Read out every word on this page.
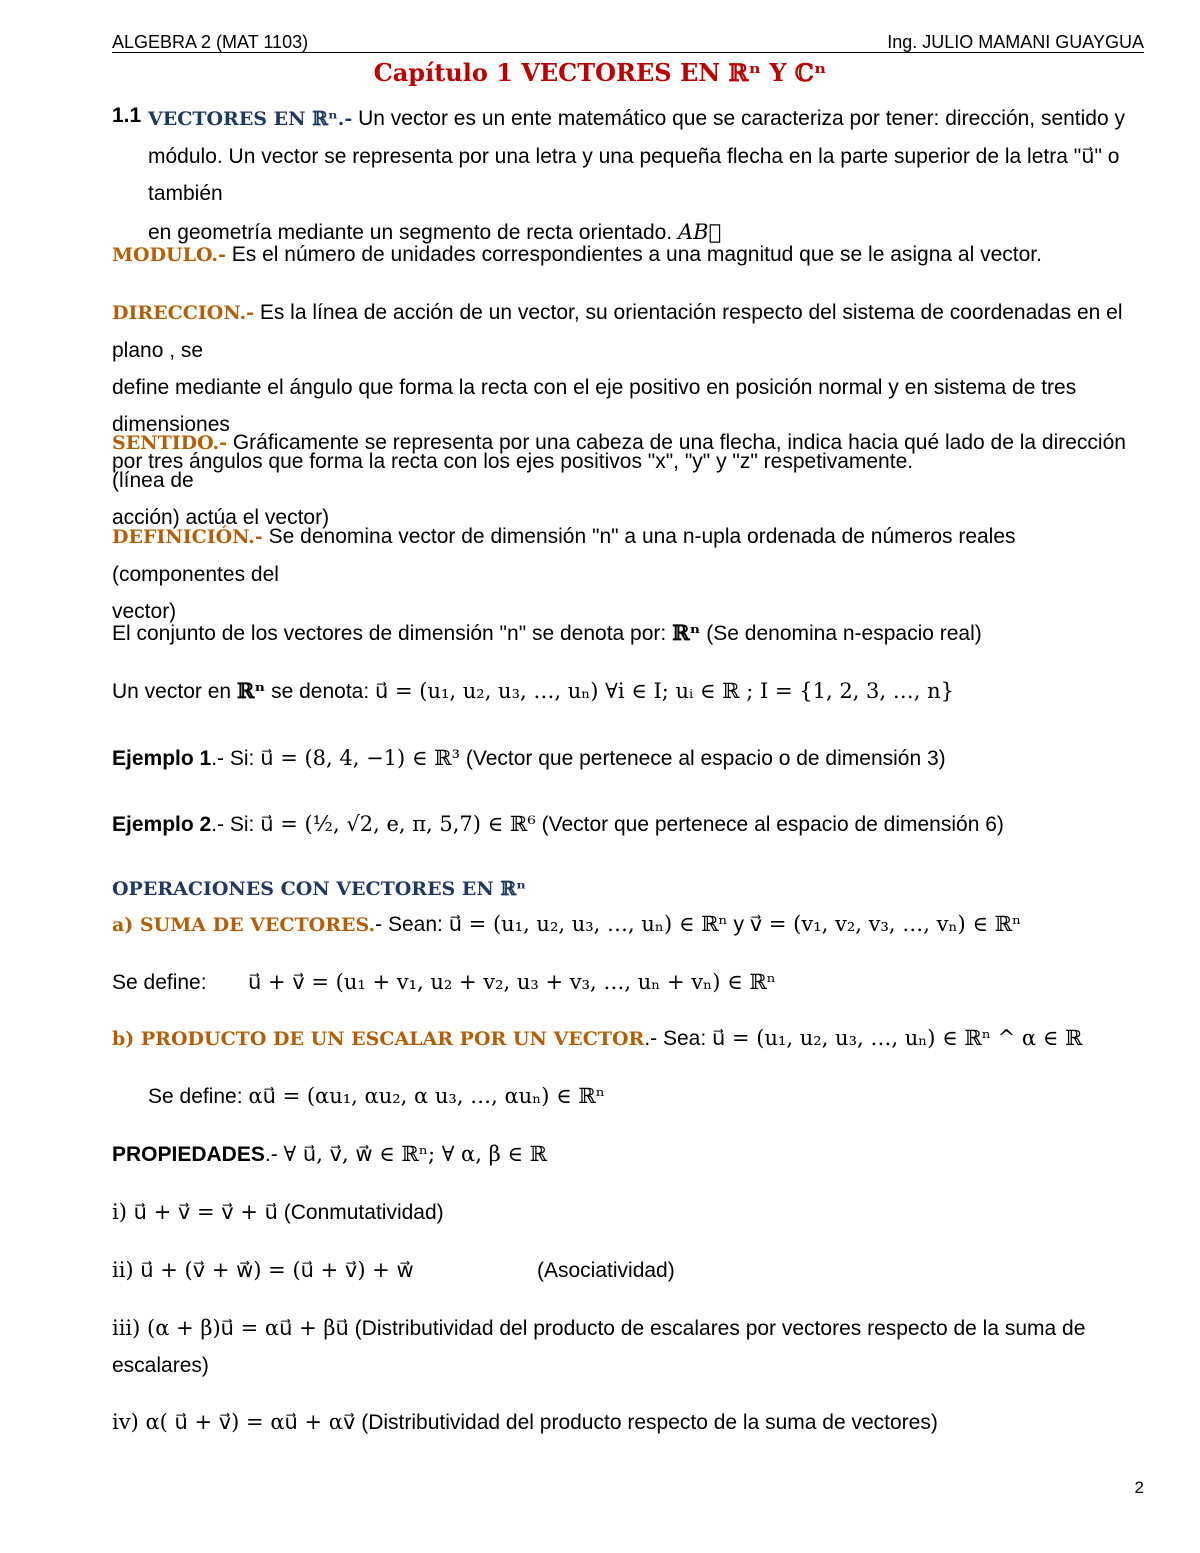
ALGEBRA 2 (MAT 1103)	Ing. JULIO MAMANI GUAYGUA
Capítulo 1 VECTORES EN ℝⁿ Y ℂⁿ
1.1 VECTORES EN ℝⁿ.- Un vector es un ente matemático que se caracteriza por tener: dirección, sentido y
módulo. Un vector se representa por una letra y una pequeña flecha en la parte superior de la letra "u⃗" o también
en geometría mediante un segmento de recta orientado. AB⃗
MODULO.- Es el número de unidades correspondientes a una magnitud que se le asigna al vector.
DIRECCION.- Es la línea de acción de un vector, su orientación respecto del sistema de coordenadas en el plano , se
define mediante el ángulo que forma la recta con el eje positivo en posición normal y en sistema de tres dimensiones
por tres ángulos que forma la recta con los ejes positivos "x", "y" y "z" respetivamente.
SENTIDO.- Gráficamente se representa por una cabeza de una flecha, indica hacia qué lado de la dirección (línea de
acción) actúa el vector)
DEFINICIÓN.- Se denomina vector de dimensión "n" a una n-upla ordenada de números reales (componentes del
vector)
El conjunto de los vectores de dimensión "n" se denota por: ℝⁿ (Se denomina n-espacio real)
Un vector en ℝⁿ se denota: u⃗ = (u₁, u₂, u₃, …, uₙ) ∀i ∈ I; uᵢ ∈ ℝ ; I = {1, 2, 3, …, n}
Ejemplo 1.- Si: u⃗ = (8, 4, −1) ∈ ℝ³ (Vector que pertenece al espacio o de dimensión 3)
Ejemplo 2.- Si: u⃗ = (½, √2, e, π, 5,7) ∈ ℝ⁶ (Vector que pertenece al espacio de dimensión 6)
OPERACIONES CON VECTORES EN ℝⁿ
a) SUMA DE VECTORES.- Sean: u⃗ = (u₁, u₂, u₃, …, uₙ) ∈ ℝⁿ y v⃗ = (v₁, v₂, v₃, …, vₙ) ∈ ℝⁿ
Se define: u⃗ + v⃗ = (u₁ + v₁, u₂ + v₂, u₃ + v₃, …, uₙ + vₙ) ∈ ℝⁿ
b) PRODUCTO DE UN ESCALAR POR UN VECTOR.- Sea: u⃗ = (u₁, u₂, u₃, …, uₙ) ∈ ℝⁿ ^ α ∈ ℝ
Se define: αu⃗ = (αu₁, αu₂, α u₃, …, αuₙ) ∈ ℝⁿ
PROPIEDADES.- ∀ u⃗, v⃗, w⃗ ∈ ℝⁿ; ∀ α, β ∈ ℝ
i) u⃗ + v⃗ = v⃗ + u⃗ (Conmutatividad)
ii) u⃗ + (v⃗ + w⃗) = (u⃗ + v⃗) + w⃗	(Asociatividad)
iii) (α + β)u⃗ = αu⃗ + βu⃗ (Distributividad del producto de escalares por vectores respecto de la suma de
escalares)
iv) α( u⃗ + v⃗) = αu⃗ + αv⃗ (Distributividad del producto respecto de la suma de vectores)
2
